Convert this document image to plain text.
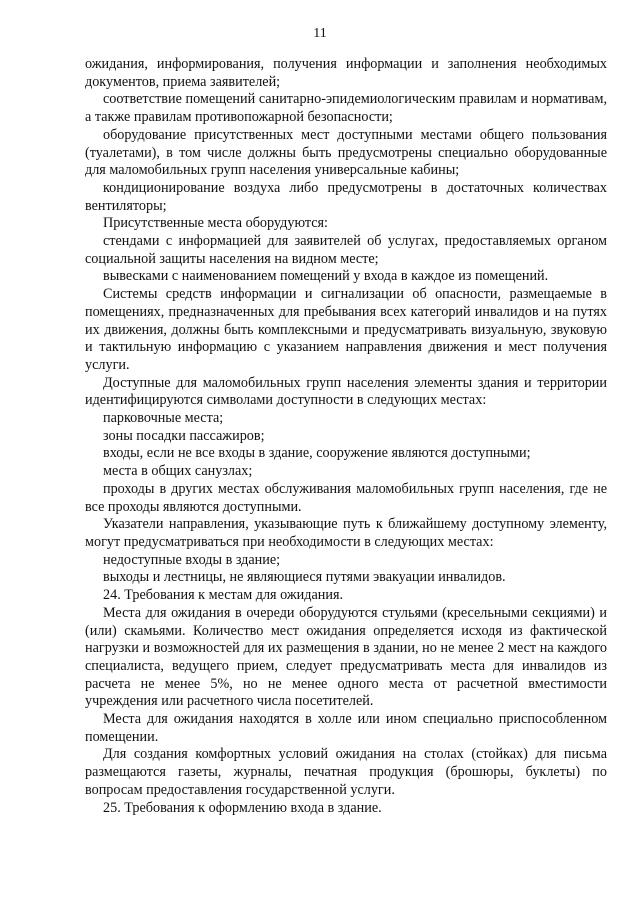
11

ожидания, информирования, получения информации и заполнения необходимых документов, приема заявителей;

соответствие помещений санитарно-эпидемиологическим правилам и нормативам, а также правилам противопожарной безопасности;

оборудование присутственных мест доступными местами общего пользования (туалетами), в том числе должны быть предусмотрены специально оборудованные для маломобильных групп населения универсальные кабины;

кондиционирование воздуха либо предусмотрены в достаточных количествах вентиляторы;

Присутственные места оборудуются:

стендами с информацией для заявителей об услугах, предоставляемых органом социальной защиты населения на видном месте;

вывесками с наименованием помещений у входа в каждое из помещений.

Системы средств информации и сигнализации об опасности, размещаемые в помещениях, предназначенных для пребывания всех категорий инвалидов и на путях их движения, должны быть комплексными и предусматривать визуальную, звуковую и тактильную информацию с указанием направления движения и мест получения услуги.

Доступные для маломобильных групп населения элементы здания и территории идентифицируются символами доступности в следующих местах:

парковочные места;

зоны посадки пассажиров;

входы, если не все входы в здание, сооружение являются доступными;

места в общих санузлах;

проходы в других местах обслуживания маломобильных групп населения, где не все проходы являются доступными.

Указатели направления, указывающие путь к ближайшему доступному элементу, могут предусматриваться при необходимости в следующих местах:

недоступные входы в здание;

выходы и лестницы, не являющиеся путями эвакуации инвалидов.

24. Требования к местам для ожидания.

Места для ожидания в очереди оборудуются стульями (кресельными секциями) и (или) скамьями. Количество мест ожидания определяется исходя из фактической нагрузки и возможностей для их размещения в здании, но не менее 2 мест на каждого специалиста, ведущего прием, следует предусматривать места для инвалидов из расчета не менее 5%, но не менее одного места от расчетной вместимости учреждения или расчетного числа посетителей.

Места для ожидания находятся в холле или ином специально приспособленном помещении.

Для создания комфортных условий ожидания на столах (стойках) для письма размещаются газеты, журналы, печатная продукция (брошюры, буклеты) по вопросам предоставления государственной услуги.

25. Требования к оформлению входа в здание.
